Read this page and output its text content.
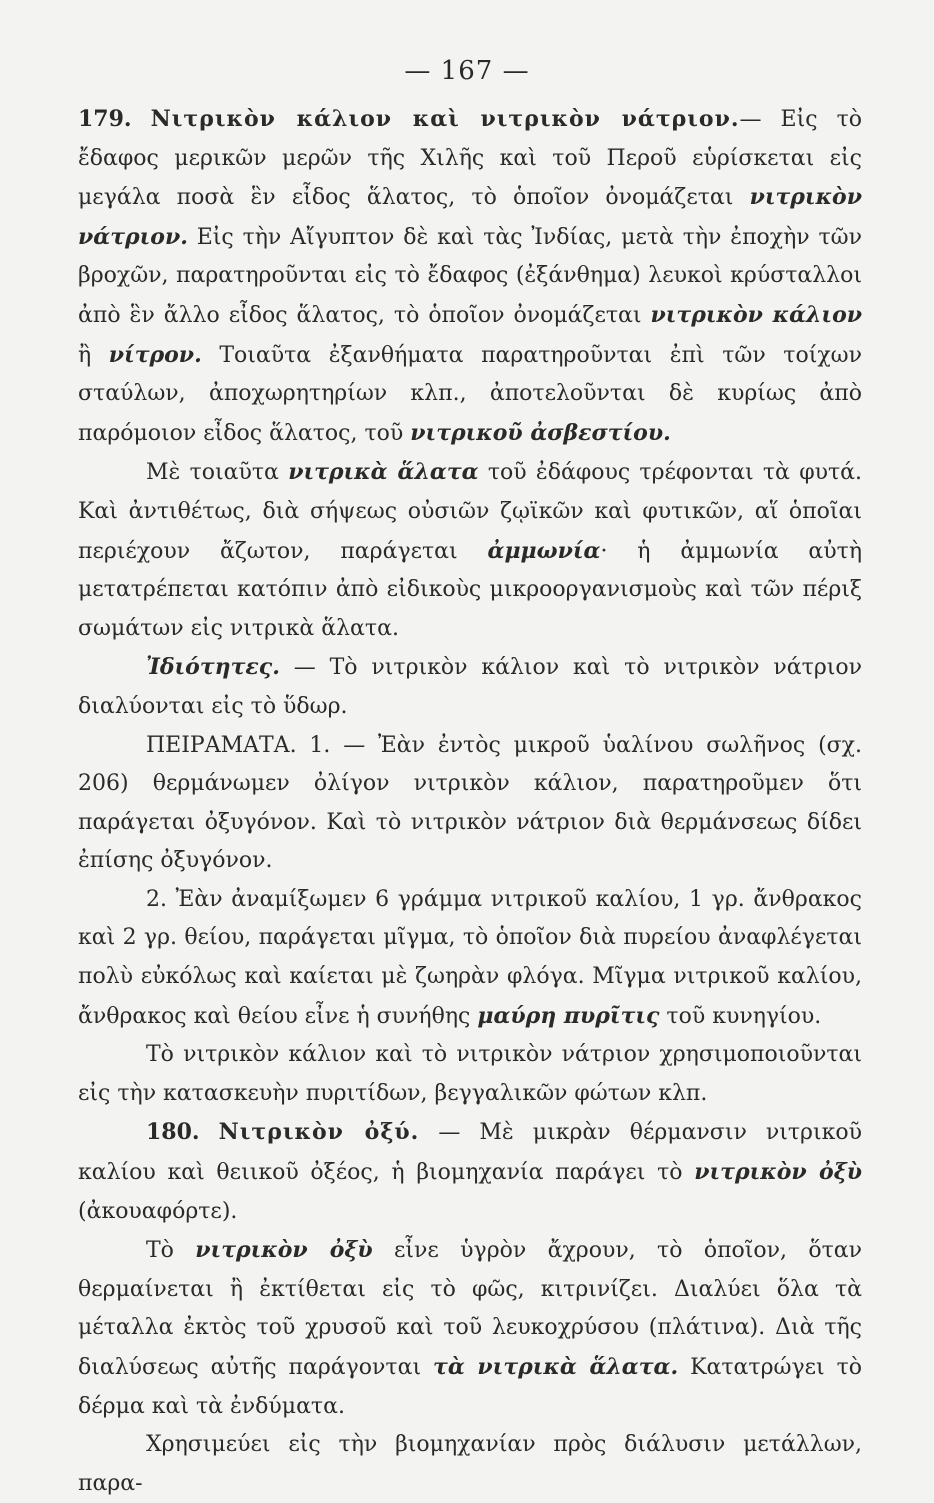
— 167 —

179. Νιτρικὸν κάλιον καὶ νιτρικὸν νάτριον.— Εἰς τὸ ἔδαφος μερικῶν μερῶν τῆς Χιλῆς καὶ τοῦ Περοῦ εὑρίσκεται εἰς μεγάλα ποσὰ ἓν εἶδος ἅλατος, τὸ ὁποῖον ὀνομάζεται νιτρικὸν νάτριον. Εἰς τὴν Αἴγυπτον δὲ καὶ τὰς Ἰνδίας, μετὰ τὴν ἐποχὴν τῶν βροχῶν, παρατηροῦνται εἰς τὸ ἔδαφος (ἐξάνθημα) λευκοὶ κρύσταλλοι ἀπὸ ἓν ἄλλο εἶδος ἅλατος, τὸ ὁποῖον ὀνομάζεται νιτρικὸν κάλιον ἢ νίτρον. Τοιαῦτα ἐξανθήματα παρατηροῦνται ἐπὶ τῶν τοίχων σταύλων, ἀποχωρητηρίων κλπ., ἀποτελοῦνται δὲ κυρίως ἀπὸ παρόμοιον εἶδος ἅλατος, τοῦ νιτρικοῦ ἀσβεστίου.

Μὲ τοιαῦτα νιτρικὰ ἅλατα τοῦ ἐδάφους τρέφονται τὰ φυτά. Καὶ ἀντιθέτως, διὰ σήψεως οὐσιῶν ζῳϊκῶν καὶ φυτικῶν, αἵ ὁποῖαι περιέχουν ἄζωτον, παράγεται ἀμμωνία· ἡ ἀμμωνία αὐτὴ μετατρέπεται κατόπιν ἀπὸ εἰδικοὺς μικροοργανισμοὺς καὶ τῶν πέριξ σωμάτων εἰς νιτρικὰ ἅλατα.

Ἰδιότητες. — Τὸ νιτρικὸν κάλιον καὶ τὸ νιτρικὸν νάτριον διαλύονται εἰς τὸ ὕδωρ.

ΠΕΙΡΑΜΑΤΑ. 1. — Ἐὰν ἐντὸς μικροῦ ὑαλίνου σωλῆνος (σχ. 206) θερμάνωμεν ὀλίγον νιτρικὸν κάλιον, παρατηροῦμεν ὅτι παράγεται ὀξυγόνον. Καὶ τὸ νιτρικὸν νάτριον διὰ θερμάνσεως δίδει ἐπίσης ὀξυγόνον.

2. Ἐὰν ἀναμίξωμεν 6 γράμμα νιτρικοῦ καλίου, 1 γρ. ἄνθρακος καὶ 2 γρ. θείου, παράγεται μῖγμα, τὸ ὁποῖον διὰ πυρείου ἀναφλέγεται πολὺ εὐκόλως καὶ καίεται μὲ ζωηρὰν φλόγα. Μῖγμα νιτρικοῦ καλίου, ἄνθρακος καὶ θείου εἶνε ἡ συνήθης μαύρη πυρῖτις τοῦ κυνηγίου.

Τὸ νιτρικὸν κάλιον καὶ τὸ νιτρικὸν νάτριον χρησιμοποιοῦνται εἰς τὴν κατασκευὴν πυριτίδων, βεγγαλικῶν φώτων κλπ.

180. Νιτρικὸν ὀξύ. — Μὲ μικρὰν θέρμανσιν νιτρικοῦ καλίου καὶ θειικοῦ ὀξέος, ἡ βιομηχανία παράγει τὸ νιτρικὸν ὀξὺ (ἀκουαφόρτε).

Τὸ νιτρικὸν ὀξὺ εἶνε ὑγρὸν ἄχρουν, τὸ ὁποῖον, ὅταν θερμαίνεται ἢ ἐκτίθεται εἰς τὸ φῶς, κιτρινίζει. Διαλύει ὅλα τὰ μέταλλα ἐκτὸς τοῦ χρυσοῦ καὶ τοῦ λευκοχρύσου (πλάτινα). Διὰ τῆς διαλύσεως αὐτῆς παράγονται τὰ νιτρικὰ ἅλατα. Κατατρώγει τὸ δέρμα καὶ τὰ ἐνδύματα.

Χρησιμεύει εἰς τὴν βιομηχανίαν πρὸς διάλυσιν μετάλλων, παρα-
